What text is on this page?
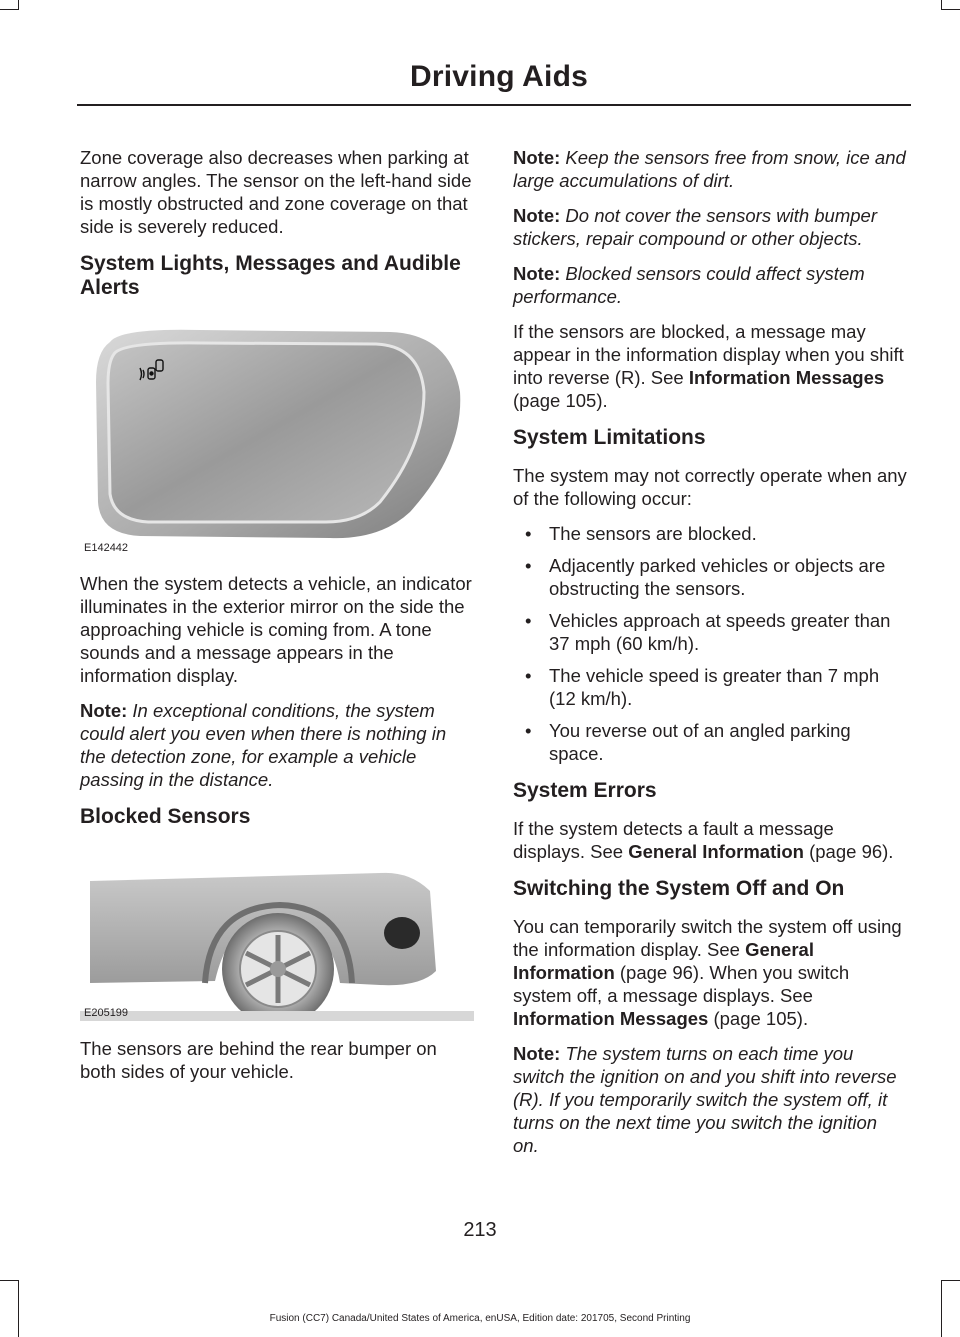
Driving Aids

Zone coverage also decreases when parking at narrow angles. The sensor on the left-hand side is mostly obstructed and zone coverage on that side is severely reduced.

System Lights, Messages and Audible Alerts
E142442

When the system detects a vehicle, an indicator illuminates in the exterior mirror on the side the approaching vehicle is coming from. A tone sounds and a message appears in the information display.

Note: In exceptional conditions, the system could alert you even when there is nothing in the detection zone, for example a vehicle passing in the distance.

Blocked Sensors
E205199

The sensors are behind the rear bumper on both sides of your vehicle.

Note: Keep the sensors free from snow, ice and large accumulations of dirt.

Note: Do not cover the sensors with bumper stickers, repair compound or other objects.

Note: Blocked sensors could affect system performance.

If the sensors are blocked, a message may appear in the information display when you shift into reverse (R). See Information Messages (page 105).

System Limitations

The system may not correctly operate when any of the following occur:

• The sensors are blocked.
• Adjacently parked vehicles or objects are obstructing the sensors.
• Vehicles approach at speeds greater than 37 mph (60 km/h).
• The vehicle speed is greater than 7 mph (12 km/h).
• You reverse out of an angled parking space.
System Errors

If the system detects a fault a message displays. See General Information (page 96).

Switching the System Off and On

You can temporarily switch the system off using the information display. See General Information (page 96). When you switch system off, a message displays. See Information Messages (page 105).

Note: The system turns on each time you switch the ignition on and you shift into reverse (R). If you temporarily switch the system off, it turns on the next time you switch the ignition on.

213
Fusion (CC7) Canada/United States of America, enUSA, Edition date: 201705, Second Printing
